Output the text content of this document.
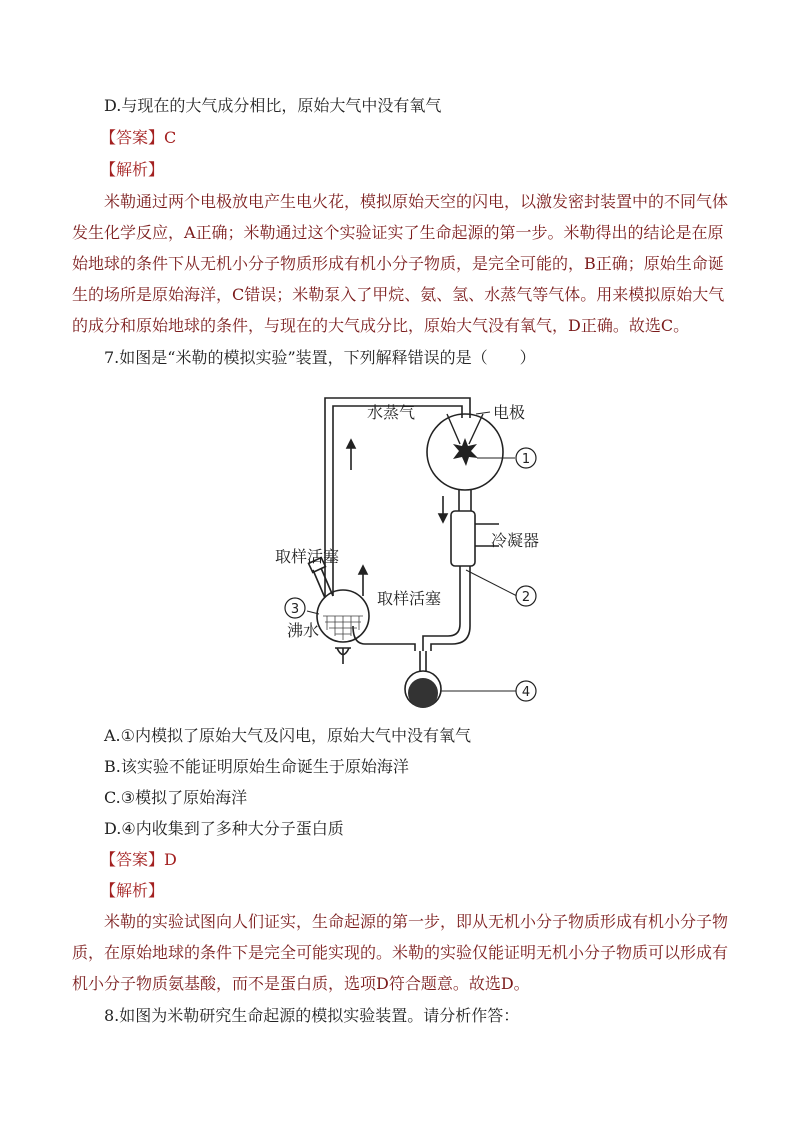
D.与现在的大气成分相比，原始大气中没有氧气
【答案】C
【解析】

米勒通过两个电极放电产生电火花，模拟原始天空的闪电，以激发密封装置中的不同气体

发生化学反应，A正确；米勒通过这个实验证实了生命起源的第一步。米勒得出的结论是在原

始地球的条件下从无机小分子物质形成有机小分子物质，是完全可能的，B正确；原始生命诞

生的场所是原始海洋，C错误；米勒泵入了甲烷、氨、氢、水蒸气等气体。用来模拟原始大气

的成分和原始地球的条件，与现在的大气成分比，原始大气没有氧气，D正确。故选C。

7.如图是“米勒的模拟实验”装置，下列解释错误的是（　　）
1
2
3
4
水蒸气	电极
冷凝器
取样活塞
取样活塞
沸水
A.①内模拟了原始大气及闪电，原始大气中没有氧气
B.该实验不能证明原始生命诞生于原始海洋
C.③模拟了原始海洋
D.④内收集到了多种大分子蛋白质
【答案】D
【解析】

米勒的实验试图向人们证实，生命起源的第一步，即从无机小分子物质形成有机小分子物

质，在原始地球的条件下是完全可能实现的。米勒的实验仅能证明无机小分子物质可以形成有

机小分子物质氨基酸，而不是蛋白质，选项D符合题意。故选D。

8.如图为米勒研究生命起源的模拟实验装置。请分析作答：
